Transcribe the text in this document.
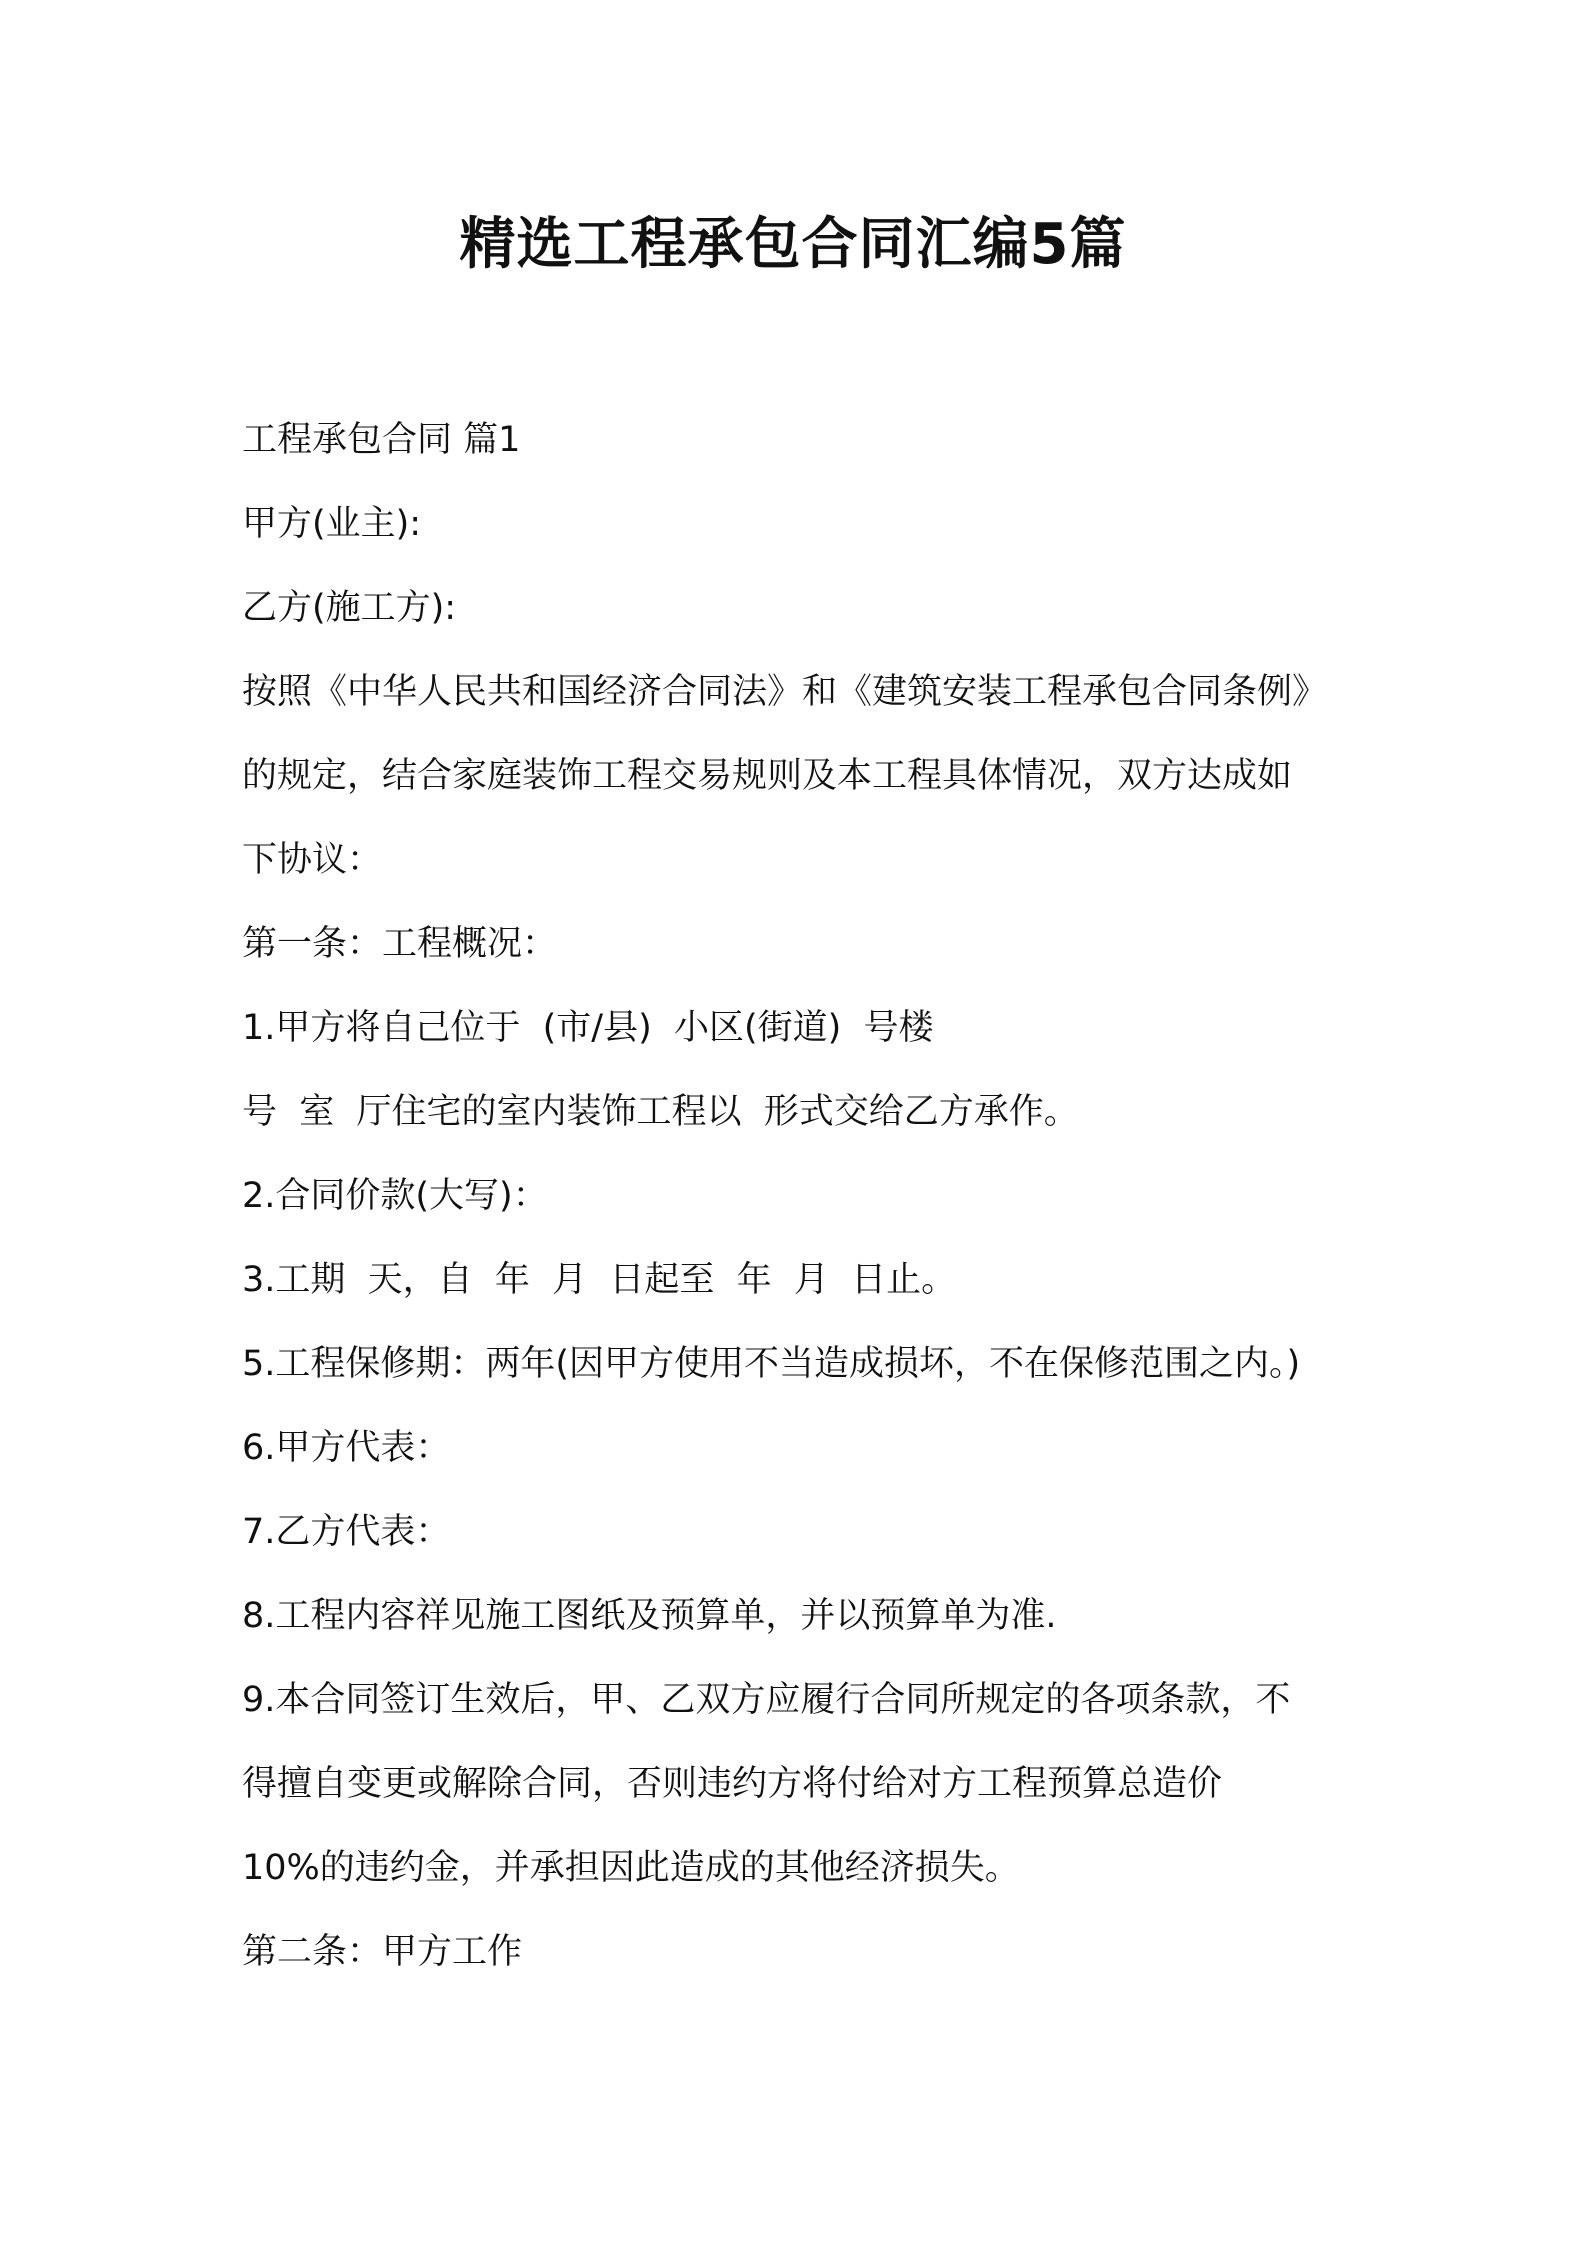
精选工程承包合同汇编5篇
工程承包合同 篇1
甲方(业主):
乙方(施工方):
按照《中华人民共和国经济合同法》和《建筑安装工程承包合同条例》
的规定，结合家庭装饰工程交易规则及本工程具体情况，双方达成如
下协议：
第一条：工程概况：
1.甲方将自己位于  (市/县)  小区(街道)  号楼
号  室  厅住宅的室内装饰工程以  形式交给乙方承作。
2.合同价款(大写)：
3.工期  天，自  年  月  日起至  年  月  日止。
5.工程保修期：两年(因甲方使用不当造成损坏，不在保修范围之内。)
6.甲方代表：
7.乙方代表：
8.工程内容祥见施工图纸及预算单，并以预算单为准.
9.本合同签订生效后，甲、乙双方应履行合同所规定的各项条款，不
得擅自变更或解除合同，否则违约方将付给对方工程预算总造价
10%的违约金，并承担因此造成的其他经济损失。
第二条：甲方工作
